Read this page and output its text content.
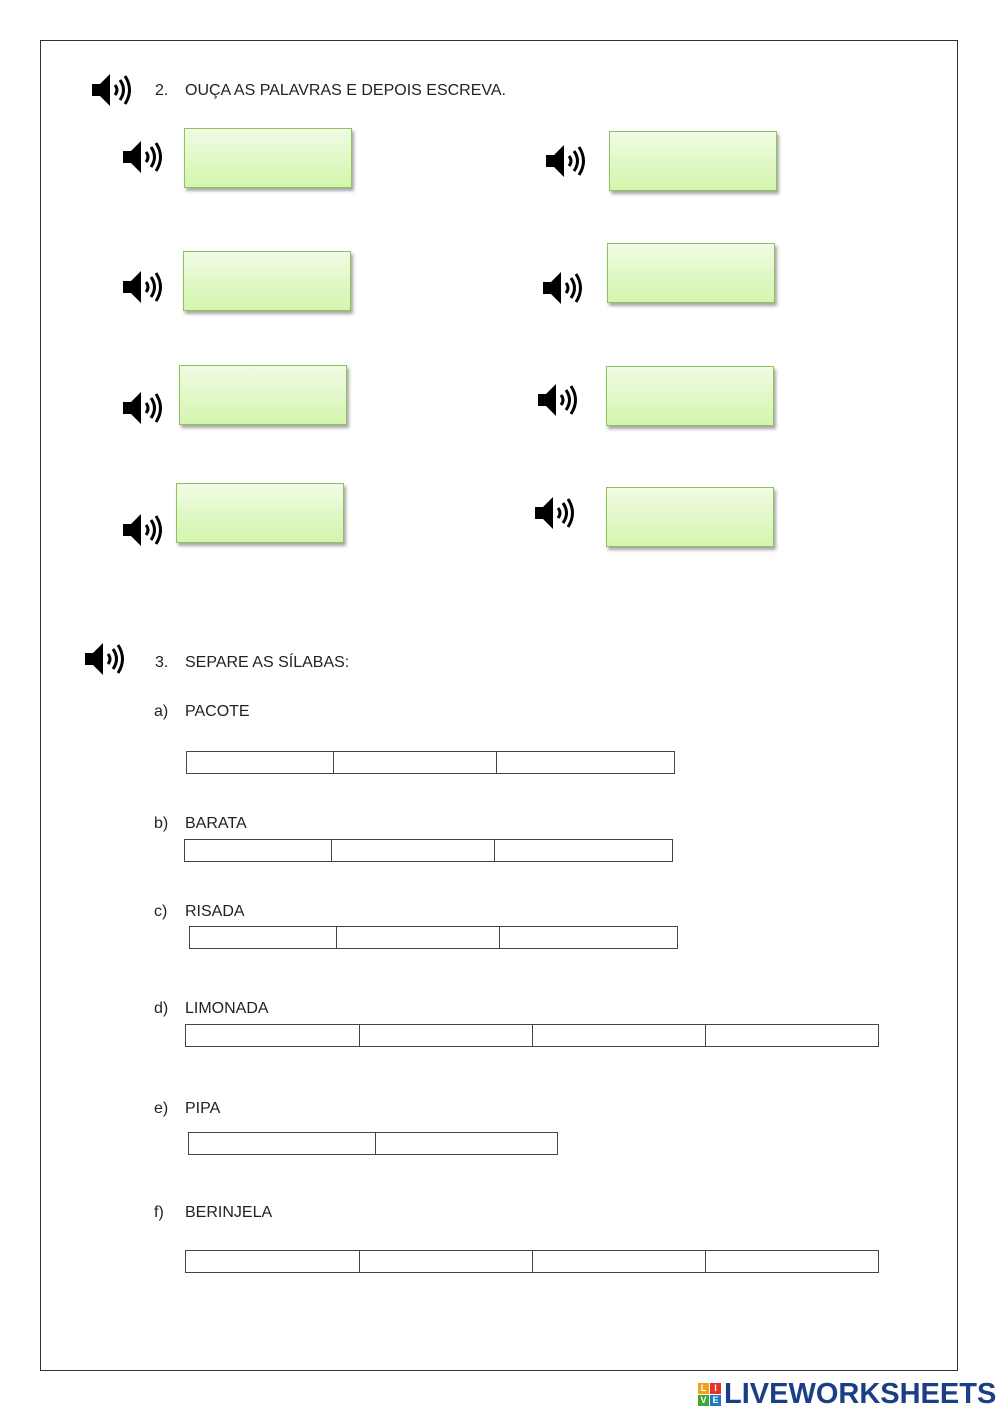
2. OUÇA AS PALAVRAS E DEPOIS ESCREVA.
3. SEPARE AS SÍLABAS:
a) PACOTE
b) BARATA
c) RISADA
d) LIMONADA
e) PIPA
f) BERINJELA
L I
V E LIVEWORKSHEETS
